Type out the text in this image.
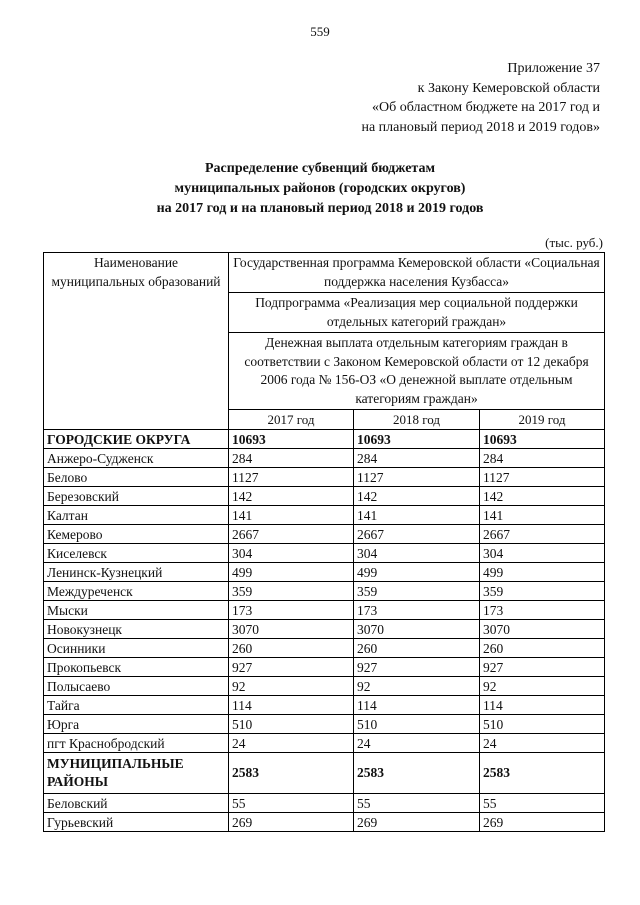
559
Приложение 37
к Закону Кемеровской области
«Об областном бюджете на 2017 год и
на плановый период 2018 и 2019 годов»
Распределение субвенций бюджетам
муниципальных районов (городских округов)
на 2017 год и на плановый период 2018 и 2019 годов
(тыс. руб.)
Наименование муниципальных образований	Государственная программа Кемеровской области «Социальная поддержка населения Кузбасса»		
	Подпрограмма «Реализация мер социальной поддержки отдельных категорий граждан»		
	Денежная выплата отдельным категориям граждан в соответствии с Законом Кемеровской области от 12 декабря 2006 года № 156-ОЗ «О денежной выплате отдельным категориям граждан»		
	2017 год	2018 год	2019 год
ГОРОДСКИЕ ОКРУГА	10693	10693	10693
Анжеро-Судженск	284	284	284
Белово	1127	1127	1127
Березовский	142	142	142
Калтан	141	141	141
Кемерово	2667	2667	2667
Киселевск	304	304	304
Ленинск-Кузнецкий	499	499	499
Междуреченск	359	359	359
Мыски	173	173	173
Новокузнецк	3070	3070	3070
Осинники	260	260	260
Прокопьевск	927	927	927
Полысаево	92	92	92
Тайга	114	114	114
Юрга	510	510	510
пгт Краснобродский	24	24	24
МУНИЦИПАЛЬНЫЕ РАЙОНЫ	2583	2583	2583
Беловский	55	55	55
Гурьевский	269	269	269
